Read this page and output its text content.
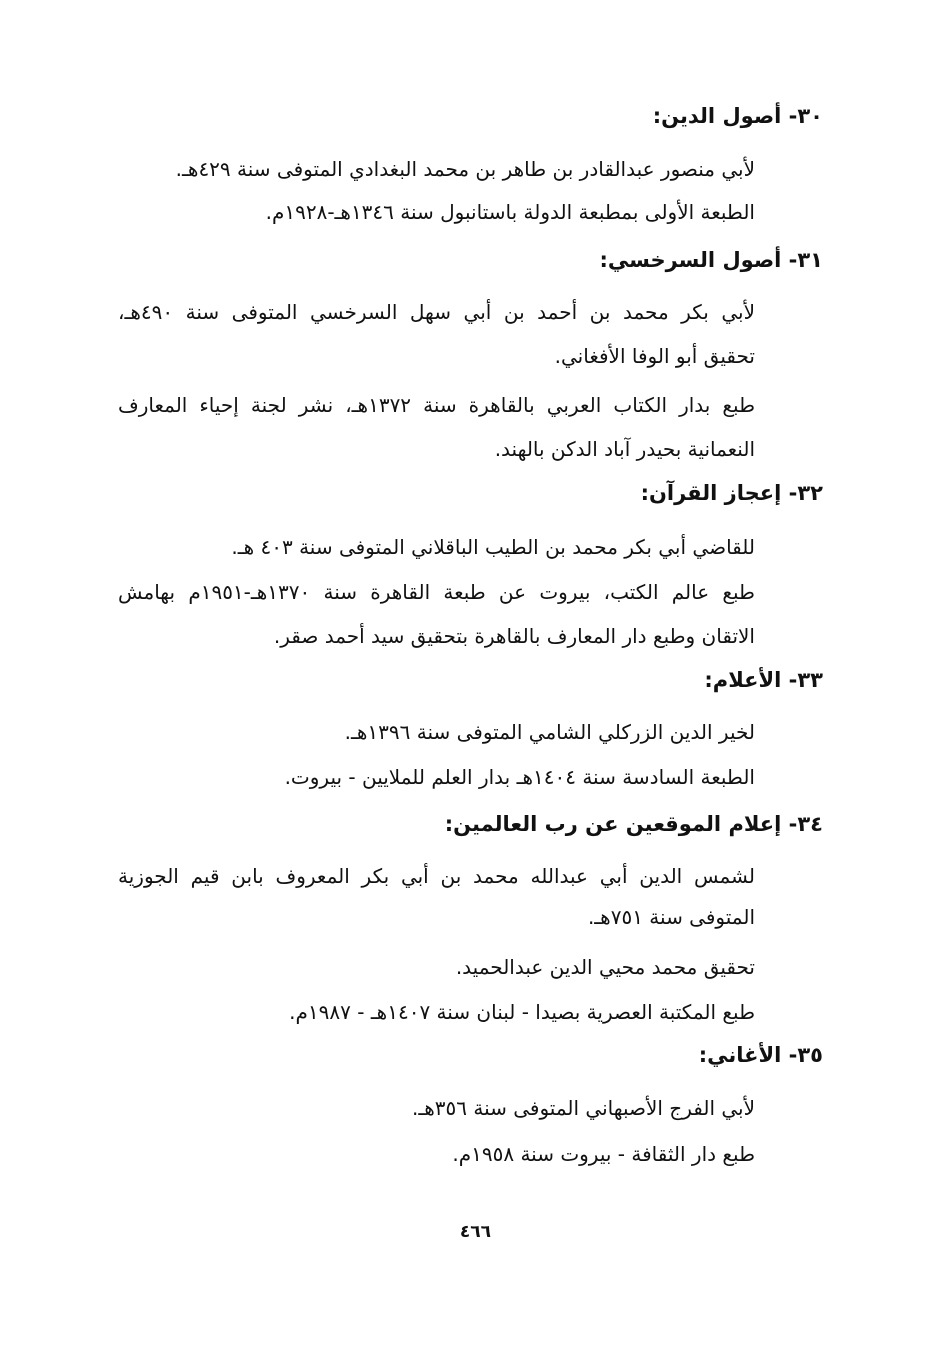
٣٠- أصول الدين:
لأبي منصور عبدالقادر بن طاهر بن محمد البغدادي المتوفى سنة ٤٢٩هـ.
الطبعة الأولى بمطبعة الدولة باستانبول سنة ١٣٤٦هـ-١٩٢٨م.
٣١- أصول السرخسي:
لأبي بكر محمد بن أحمد بن أبي سهل السرخسي المتوفى سنة ٤٩٠هـ،
تحقيق أبو الوفا الأفغاني.
طبع بدار الكتاب العربي بالقاهرة سنة ١٣٧٢هـ، نشر لجنة إحياء المعارف
النعمانية بحيدر آباد الدكن بالهند.
٣٢- إعجاز القرآن:
للقاضي أبي بكر محمد بن الطيب الباقلاني المتوفى سنة ٤٠٣ هـ.
طبع عالم الكتب، بيروت عن طبعة القاهرة سنة ١٣٧٠هـ-١٩٥١م بهامش
الاتقان وطبع دار المعارف بالقاهرة بتحقيق سيد أحمد صقر.
٣٣- الأعلام:
لخير الدين الزركلي الشامي المتوفى سنة ١٣٩٦هـ.
الطبعة السادسة سنة ١٤٠٤هـ بدار العلم للملايين - بيروت.
٣٤- إعلام الموقعين عن رب العالمين:
لشمس الدين أبي عبدالله محمد بن أبي بكر المعروف بابن قيم الجوزية
المتوفى سنة ٧٥١هـ.
تحقيق محمد محيي الدين عبدالحميد.
طبع المكتبة العصرية بصيدا - لبنان سنة ١٤٠٧هـ - ١٩٨٧م.
٣٥- الأغاني:
لأبي الفرج الأصبهاني المتوفى سنة ٣٥٦هـ.
طبع دار الثقافة - بيروت سنة ١٩٥٨م.
٤٦٦
